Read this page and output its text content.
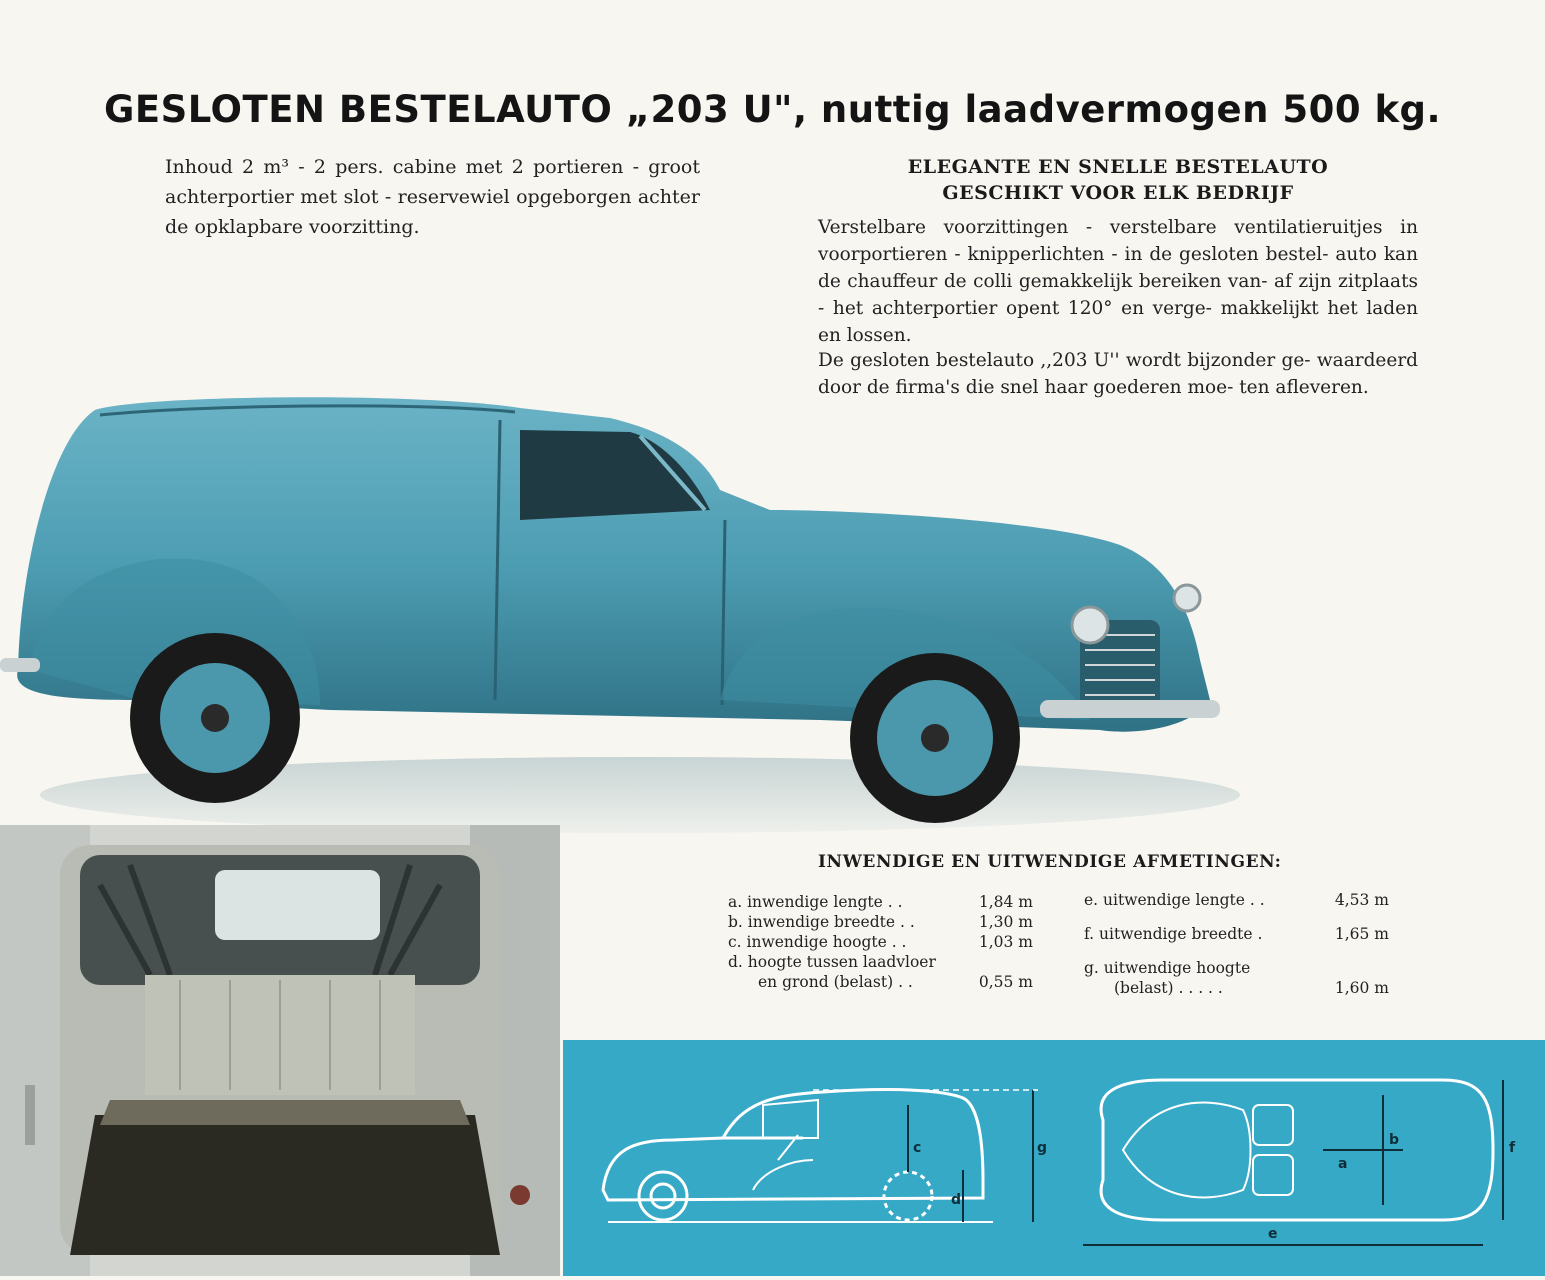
GESLOTEN BESTELAUTO „203 U", nuttig laadvermogen 500 kg.
Inhoud 2 m³ - 2 pers. cabine met 2 portieren - groot achterportier met slot - reservewiel opgeborgen achter de opklapbare voorzitting.
ELEGANTE EN SNELLE BESTELAUTO
GESCHIKT VOOR ELK BEDRIJF
Verstelbare voorzittingen - verstelbare ventilatieruitjes in voorportieren - knipperlichten - in de gesloten bestel- auto kan de chauffeur de colli gemakkelijk bereiken van- af zijn zitplaats - het achterportier opent 120° en verge- makkelijkt het laden en lossen.
De gesloten bestelauto ,,203 U'' wordt bijzonder ge- waardeerd door de firma's die snel haar goederen moe- ten afleveren.
INWENDIGE EN UITWENDIGE AFMETINGEN:
a. inwendige lengte . .	1,84 m
b. inwendige breedte . .	1,30 m
c. inwendige hoogte . .	1,03 m
d. hoogte tussen laadvloer
en grond (belast) . .	0,55 m
e. uitwendige lengte . .	4,53 m
f. uitwendige breedte .	1,65 m
g. uitwendige hoogte
(belast) . . . . .	1,60 m
c
d
g
a
b
e
f
